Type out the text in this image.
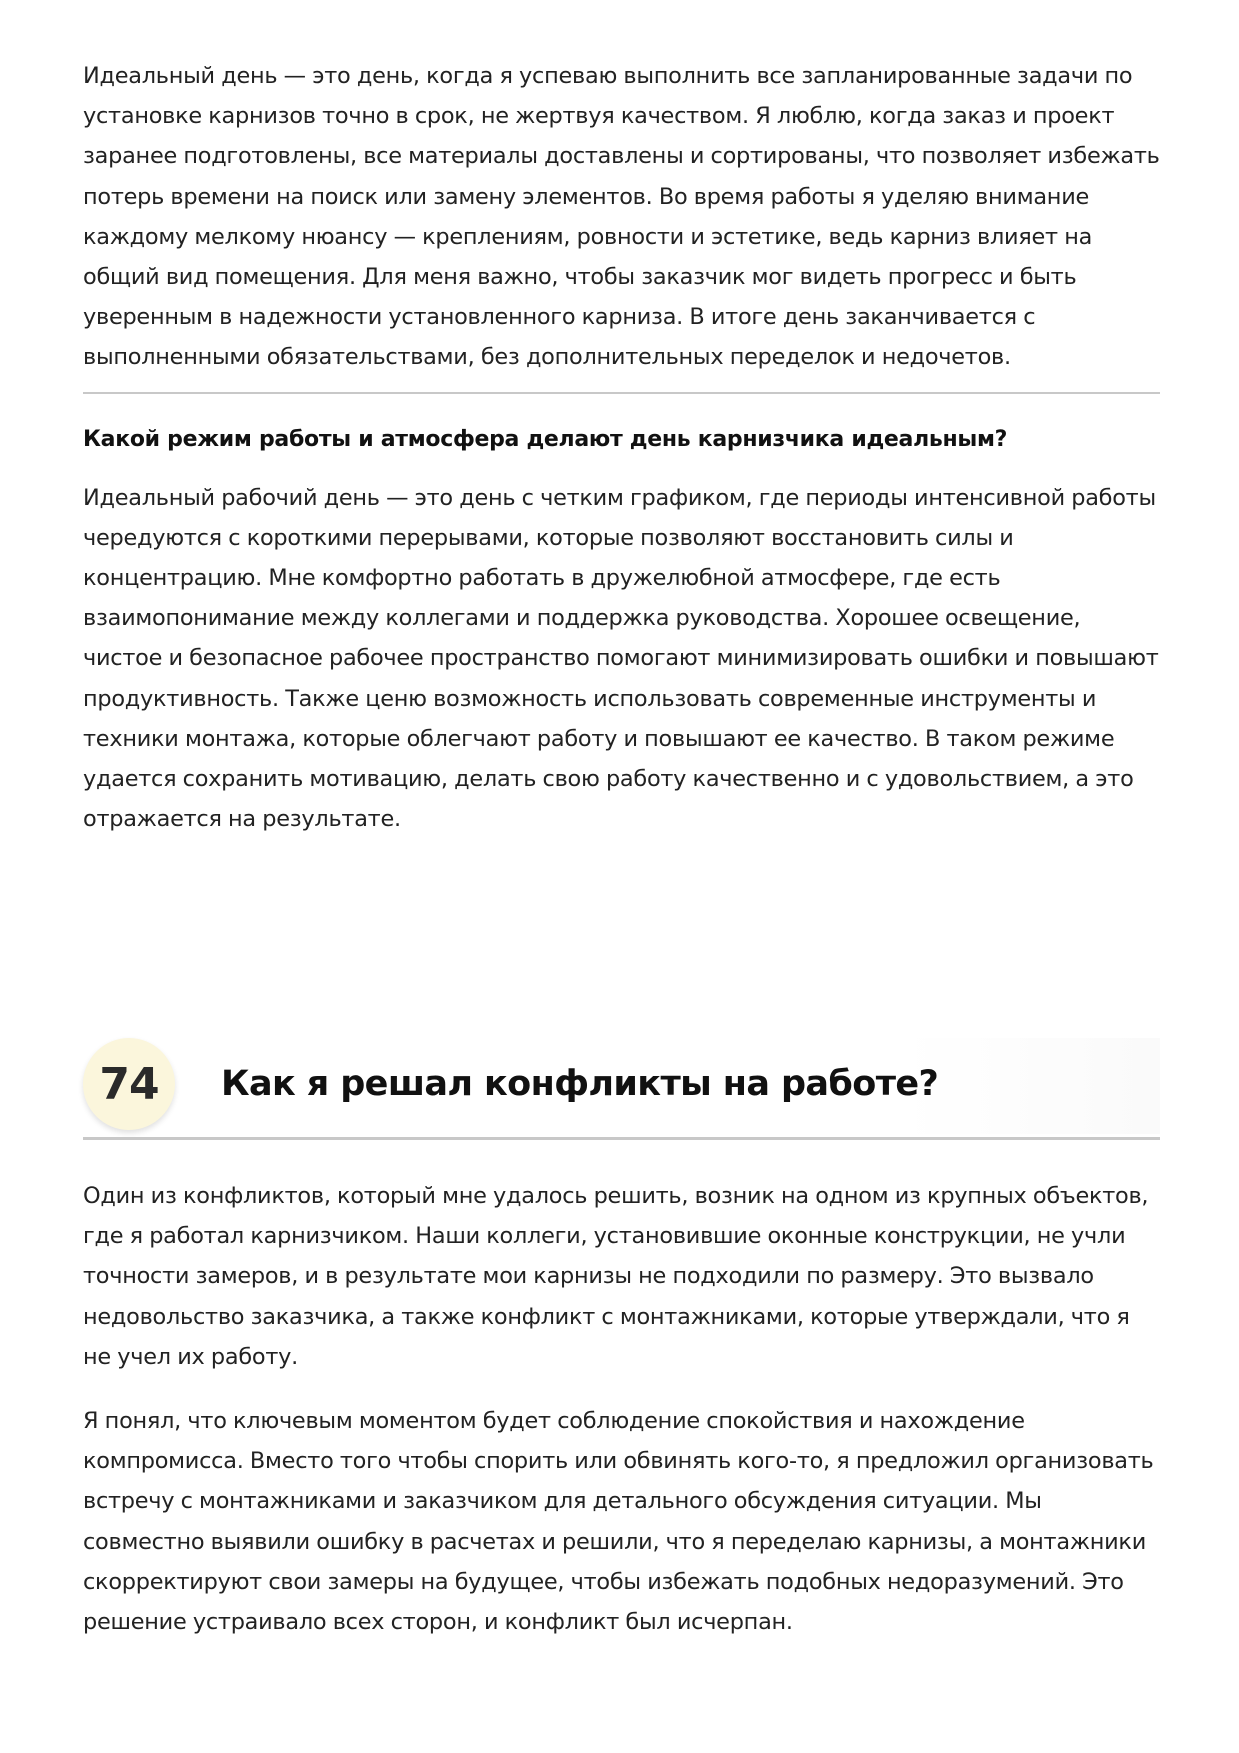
Идеальный день — это день, когда я успеваю выполнить все запланированные задачи по установке карнизов точно в срок, не жертвуя качеством. Я люблю, когда заказ и проект заранее подготовлены, все материалы доставлены и сортированы, что позволяет избежать потерь времени на поиск или замену элементов. Во время работы я уделяю внимание каждому мелкому нюансу — креплениям, ровности и эстетике, ведь карниз влияет на общий вид помещения. Для меня важно, чтобы заказчик мог видеть прогресс и быть уверенным в надежности установленного карниза. В итоге день заканчивается с выполненными обязательствами, без дополнительных переделок и недочетов.

Какой режим работы и атмосфера делают день карнизчика идеальным?

Идеальный рабочий день — это день с четким графиком, где периоды интенсивной работы чередуются с короткими перерывами, которые позволяют восстановить силы и концентрацию. Мне комфортно работать в дружелюбной атмосфере, где есть взаимопонимание между коллегами и поддержка руководства. Хорошее освещение, чистое и безопасное рабочее пространство помогают минимизировать ошибки и повышают продуктивность. Также ценю возможность использовать современные инструменты и техники монтажа, которые облегчают работу и повышают ее качество. В таком режиме удается сохранить мотивацию, делать свою работу качественно и с удовольствием, а это отражается на результате.

74	Как я решал конфликты на работе?

Один из конфликтов, который мне удалось решить, возник на одном из крупных объектов, где я работал карнизчиком. Наши коллеги, установившие оконные конструкции, не учли точности замеров, и в результате мои карнизы не подходили по размеру. Это вызвало недовольство заказчика, а также конфликт с монтажниками, которые утверждали, что я не учел их работу.

Я понял, что ключевым моментом будет соблюдение спокойствия и нахождение компромисса. Вместо того чтобы спорить или обвинять кого-то, я предложил организовать встречу с монтажниками и заказчиком для детального обсуждения ситуации. Мы совместно выявили ошибку в расчетах и решили, что я переделаю карнизы, а монтажники скорректируют свои замеры на будущее, чтобы избежать подобных недоразумений. Это решение устраивало всех сторон, и конфликт был исчерпан.
